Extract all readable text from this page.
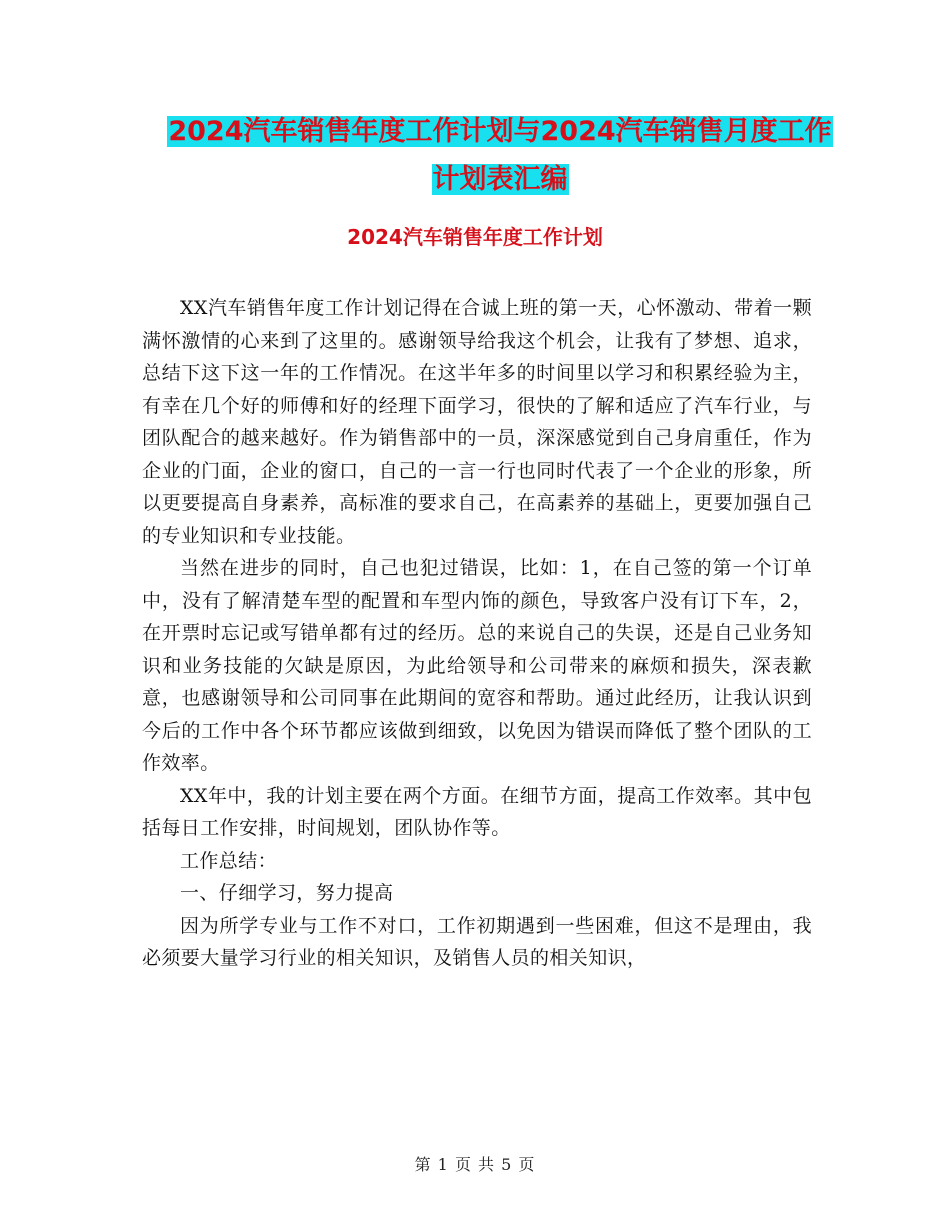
2024汽车销售年度工作计划与2024汽车销售月度工作
计划表汇编
2024汽车销售年度工作计划

XX汽车销售年度工作计划记得在合诚上班的第一天，心怀激动、带着一颗满怀激情的心来到了这里的。感谢领导给我这个机会，让我有了梦想、追求，总结下这下这一年的工作情况。在这半年多的时间里以学习和积累经验为主，有幸在几个好的师傅和好的经理下面学习，很快的了解和适应了汽车行业，与团队配合的越来越好。作为销售部中的一员，深深感觉到自己身肩重任，作为企业的门面，企业的窗口，自己的一言一行也同时代表了一个企业的形象，所以更要提高自身素养，高标准的要求自己，在高素养的基础上，更要加强自己的专业知识和专业技能。

当然在进步的同时，自己也犯过错误，比如：1，在自己签的第一个订单中，没有了解清楚车型的配置和车型内饰的颜色，导致客户没有订下车，2，在开票时忘记或写错单都有过的经历。总的来说自己的失误，还是自己业务知识和业务技能的欠缺是原因，为此给领导和公司带来的麻烦和损失，深表歉意，也感谢领导和公司同事在此期间的宽容和帮助。通过此经历，让我认识到今后的工作中各个环节都应该做到细致，以免因为错误而降低了整个团队的工作效率。

XX年中，我的计划主要在两个方面。在细节方面，提高工作效率。其中包括每日工作安排，时间规划，团队协作等。

工作总结：

一、仔细学习，努力提高

因为所学专业与工作不对口，工作初期遇到一些困难，但这不是理由，我必须要大量学习行业的相关知识，及销售人员的相关知识，

第 1 页 共 5 页
